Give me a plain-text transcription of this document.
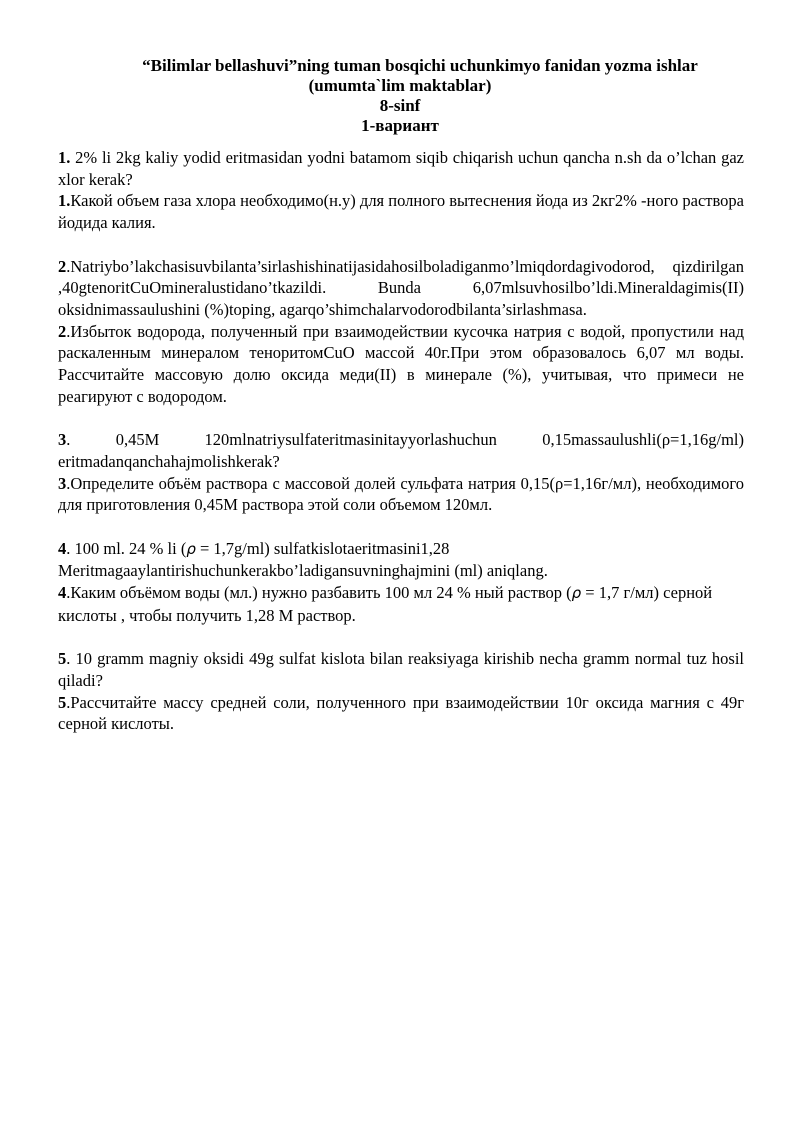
“Bilimlar bellashuvi”ning tuman bosqichi uchunkimyo fanidan yozma ishlar
(umumta`lim maktablar)
8-sinf
1-вариант

1. 2% li 2kg kaliy yodid eritmasidan yodni batamom siqib chiqarish uchun qancha n.sh da o’lchan gaz xlor kerak?

1.Какой объем газа хлора необходимо(н.у) для полного вытеснения йода из 2кг2% -ного раствора йодида калия.

2.Natriybo’lakchasisuvbilanta’sirlashishinatijasidahosilboladiganmo’lmiqdordagivodorod, qizdirilgan ,40gtenoritCuOmineralustidano’tkazildi. Bunda 6,07mlsuvhosilbo’ldi.Mineraldagimis(II) oksidnimassaulushini (%)toping, agarqo’shimchalarvodorodbilanta’sirlashmasa.

2.Избыток водорода, полученный при взаимодействии кусочка натрия с водой, пропустили над раскаленным минералом теноритомCuO массой 40г.При этом образовалось 6,07 мл воды. Рассчитайте массовую долю оксида меди(II) в минерале (%), учитывая, что примеси не реагируют с водородом.

3. 0,45M 120mlnatriysulfateritmasinitayyorlashuchun 0,15massaulushli(ρ=1,16g/ml) eritmadanqanchahajmolishkerak?

3.Определите объём раствора с массовой долей сульфата натрия 0,15(ρ=1,16г/мл), необходимого для приготовления 0,45М раствора этой соли объемом 120мл.

4. 100 ml. 24 % li (ρ = 1,7g/ml) sulfatkislotaeritmasini1,28 Meritmagaaylantirishuchunkerakbo’ladigansuvninghajmini (ml) aniqlang.

4.Каким объёмом воды (мл.) нужно разбавить 100 мл 24 % ный раствор (ρ = 1,7 г/мл) серной кислоты , чтобы получить 1,28 М раствор.

5. 10 gramm magniy oksidi 49g sulfat kislota bilan reaksiyaga kirishib necha gramm normal tuz hosil qiladi?

5.Рассчитайте массу средней соли, полученного при взаимодействии 10г оксида магния с 49г серной кислоты.
